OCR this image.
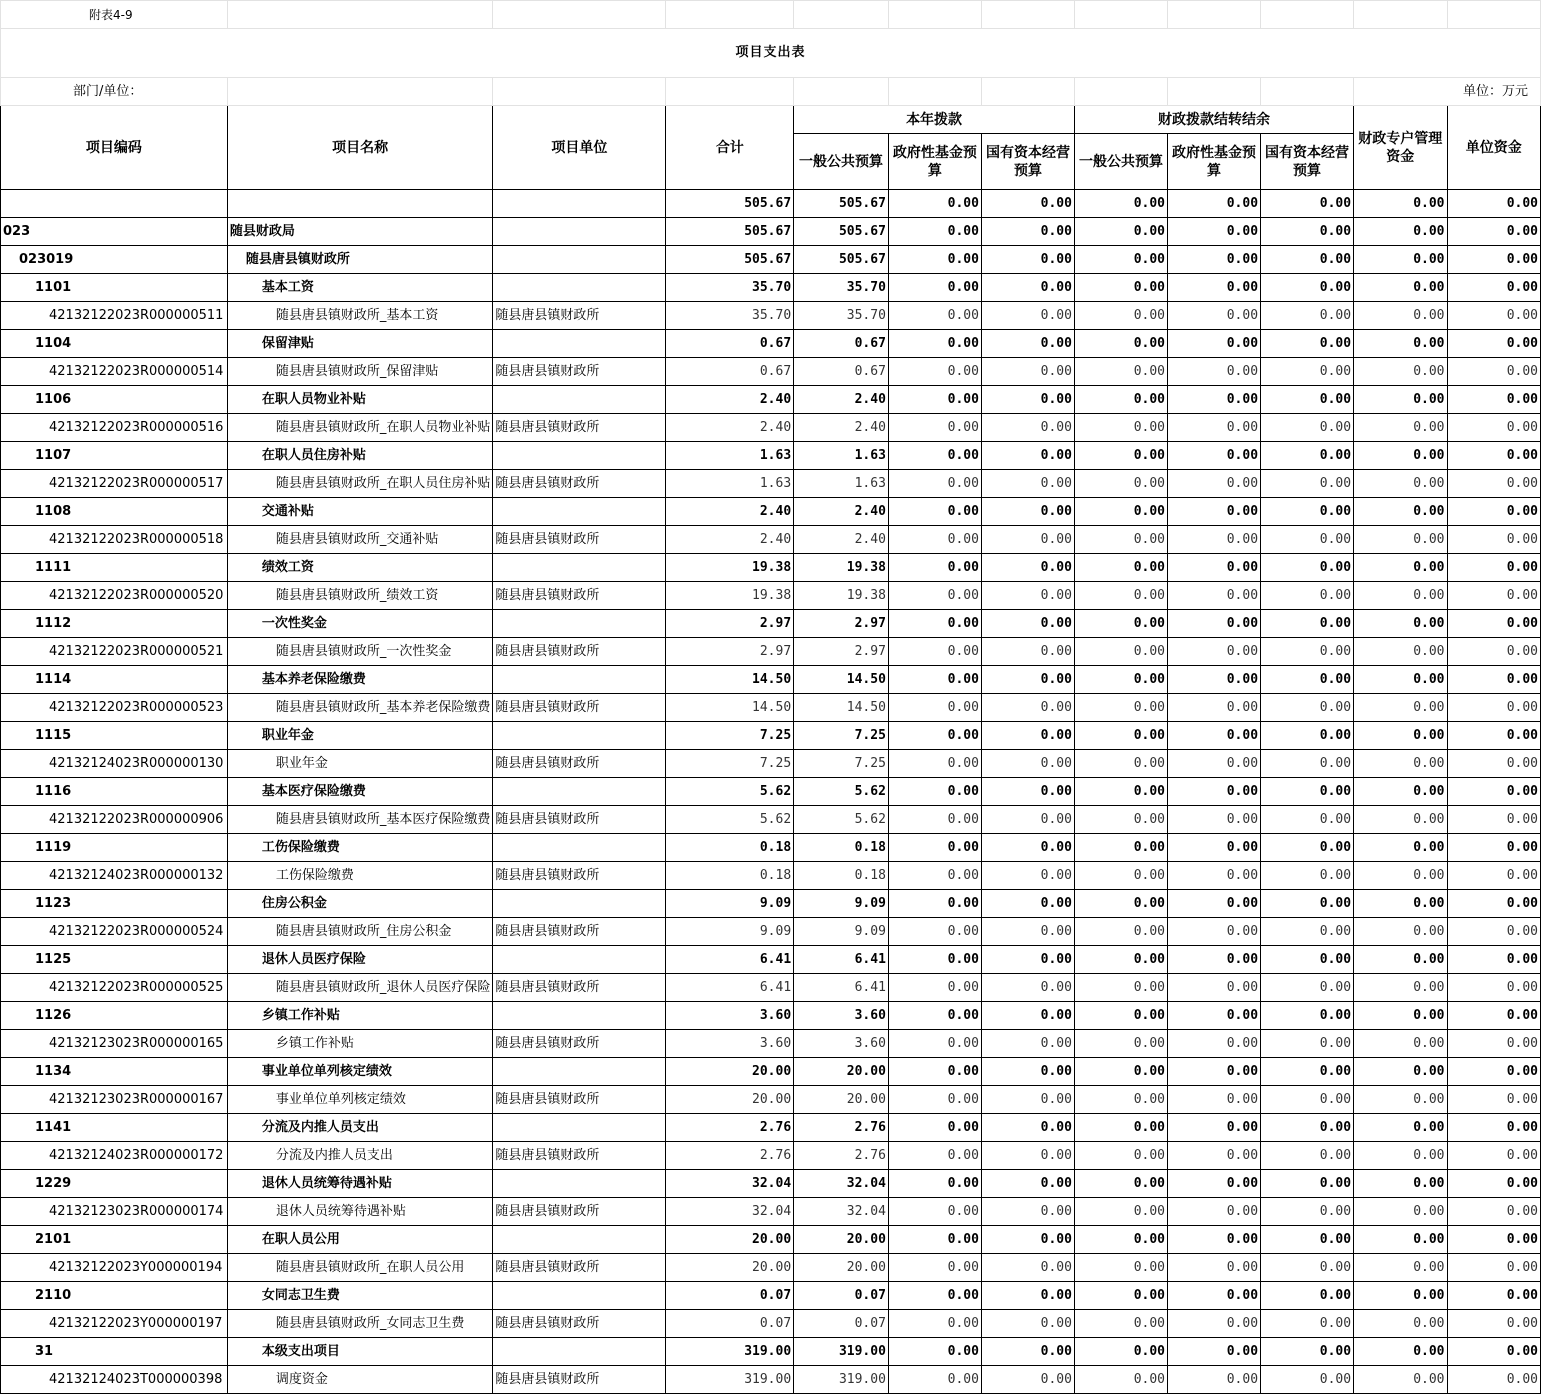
附表4-9											
项目支出表											
部门/单位：										单位：万元	
项目编码	项目名称	项目单位	合计	本年拨款			财政拨款结转结余			财政专户管理资金	单位资金
				一般公共预算	政府性基金预算	国有资本经营预算	一般公共预算	政府性基金预算	国有资本经营预算		
			505.67	505.67	0.00	0.00	0.00	0.00	0.00	0.00	0.00
023	随县财政局		505.67	505.67	0.00	0.00	0.00	0.00	0.00	0.00	0.00
023019	随县唐县镇财政所		505.67	505.67	0.00	0.00	0.00	0.00	0.00	0.00	0.00
1101	基本工资		35.70	35.70	0.00	0.00	0.00	0.00	0.00	0.00	0.00
42132122023R000000511	随县唐县镇财政所_基本工资	随县唐县镇财政所	35.70	35.70	0.00	0.00	0.00	0.00	0.00	0.00	0.00
1104	保留津贴		0.67	0.67	0.00	0.00	0.00	0.00	0.00	0.00	0.00
42132122023R000000514	随县唐县镇财政所_保留津贴	随县唐县镇财政所	0.67	0.67	0.00	0.00	0.00	0.00	0.00	0.00	0.00
1106	在职人员物业补贴		2.40	2.40	0.00	0.00	0.00	0.00	0.00	0.00	0.00
42132122023R000000516	随县唐县镇财政所_在职人员物业补贴	随县唐县镇财政所	2.40	2.40	0.00	0.00	0.00	0.00	0.00	0.00	0.00
1107	在职人员住房补贴		1.63	1.63	0.00	0.00	0.00	0.00	0.00	0.00	0.00
42132122023R000000517	随县唐县镇财政所_在职人员住房补贴	随县唐县镇财政所	1.63	1.63	0.00	0.00	0.00	0.00	0.00	0.00	0.00
1108	交通补贴		2.40	2.40	0.00	0.00	0.00	0.00	0.00	0.00	0.00
42132122023R000000518	随县唐县镇财政所_交通补贴	随县唐县镇财政所	2.40	2.40	0.00	0.00	0.00	0.00	0.00	0.00	0.00
1111	绩效工资		19.38	19.38	0.00	0.00	0.00	0.00	0.00	0.00	0.00
42132122023R000000520	随县唐县镇财政所_绩效工资	随县唐县镇财政所	19.38	19.38	0.00	0.00	0.00	0.00	0.00	0.00	0.00
1112	一次性奖金		2.97	2.97	0.00	0.00	0.00	0.00	0.00	0.00	0.00
42132122023R000000521	随县唐县镇财政所_一次性奖金	随县唐县镇财政所	2.97	2.97	0.00	0.00	0.00	0.00	0.00	0.00	0.00
1114	基本养老保险缴费		14.50	14.50	0.00	0.00	0.00	0.00	0.00	0.00	0.00
42132122023R000000523	随县唐县镇财政所_基本养老保险缴费	随县唐县镇财政所	14.50	14.50	0.00	0.00	0.00	0.00	0.00	0.00	0.00
1115	职业年金		7.25	7.25	0.00	0.00	0.00	0.00	0.00	0.00	0.00
42132124023R000000130	职业年金	随县唐县镇财政所	7.25	7.25	0.00	0.00	0.00	0.00	0.00	0.00	0.00
1116	基本医疗保险缴费		5.62	5.62	0.00	0.00	0.00	0.00	0.00	0.00	0.00
42132122023R000000906	随县唐县镇财政所_基本医疗保险缴费	随县唐县镇财政所	5.62	5.62	0.00	0.00	0.00	0.00	0.00	0.00	0.00
1119	工伤保险缴费		0.18	0.18	0.00	0.00	0.00	0.00	0.00	0.00	0.00
42132124023R000000132	工伤保险缴费	随县唐县镇财政所	0.18	0.18	0.00	0.00	0.00	0.00	0.00	0.00	0.00
1123	住房公积金		9.09	9.09	0.00	0.00	0.00	0.00	0.00	0.00	0.00
42132122023R000000524	随县唐县镇财政所_住房公积金	随县唐县镇财政所	9.09	9.09	0.00	0.00	0.00	0.00	0.00	0.00	0.00
1125	退休人员医疗保险		6.41	6.41	0.00	0.00	0.00	0.00	0.00	0.00	0.00
42132122023R000000525	随县唐县镇财政所_退休人员医疗保险	随县唐县镇财政所	6.41	6.41	0.00	0.00	0.00	0.00	0.00	0.00	0.00
1126	乡镇工作补贴		3.60	3.60	0.00	0.00	0.00	0.00	0.00	0.00	0.00
42132123023R000000165	乡镇工作补贴	随县唐县镇财政所	3.60	3.60	0.00	0.00	0.00	0.00	0.00	0.00	0.00
1134	事业单位单列核定绩效		20.00	20.00	0.00	0.00	0.00	0.00	0.00	0.00	0.00
42132123023R000000167	事业单位单列核定绩效	随县唐县镇财政所	20.00	20.00	0.00	0.00	0.00	0.00	0.00	0.00	0.00
1141	分流及内推人员支出		2.76	2.76	0.00	0.00	0.00	0.00	0.00	0.00	0.00
42132124023R000000172	分流及内推人员支出	随县唐县镇财政所	2.76	2.76	0.00	0.00	0.00	0.00	0.00	0.00	0.00
1229	退休人员统筹待遇补贴		32.04	32.04	0.00	0.00	0.00	0.00	0.00	0.00	0.00
42132123023R000000174	退休人员统筹待遇补贴	随县唐县镇财政所	32.04	32.04	0.00	0.00	0.00	0.00	0.00	0.00	0.00
2101	在职人员公用		20.00	20.00	0.00	0.00	0.00	0.00	0.00	0.00	0.00
42132122023Y000000194	随县唐县镇财政所_在职人员公用	随县唐县镇财政所	20.00	20.00	0.00	0.00	0.00	0.00	0.00	0.00	0.00
2110	女同志卫生费		0.07	0.07	0.00	0.00	0.00	0.00	0.00	0.00	0.00
42132122023Y000000197	随县唐县镇财政所_女同志卫生费	随县唐县镇财政所	0.07	0.07	0.00	0.00	0.00	0.00	0.00	0.00	0.00
31	本级支出项目		319.00	319.00	0.00	0.00	0.00	0.00	0.00	0.00	0.00
42132124023T000000398	调度资金	随县唐县镇财政所	319.00	319.00	0.00	0.00	0.00	0.00	0.00	0.00	0.00
